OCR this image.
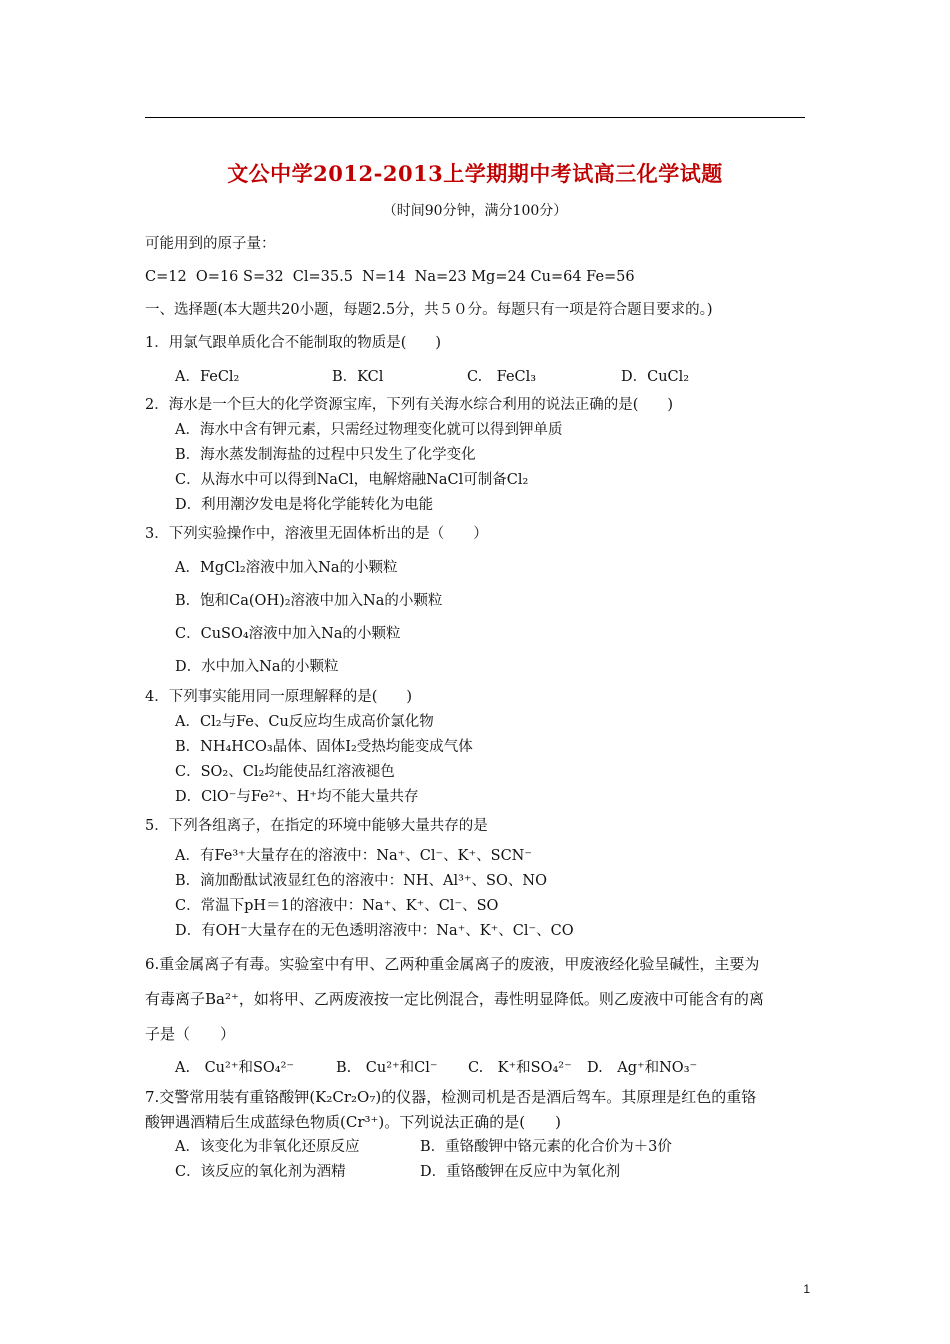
文公中学2012-2013上学期期中考试高三化学试题
（时间90分钟，满分100分）
可能用到的原子量：
C=12  O=16 S=32  Cl=35.5  N=14  Na=23 Mg=24 Cu=64 Fe=56
一、选择题(本大题共20小题，每题2.5分，共５０分。每题只有一项是符合题目要求的。)
1．用氯气跟单质化合不能制取的物质是(　　)
A．FeCl₂	B．KCl	C.　FeCl₃	D．CuCl₂
2．海水是一个巨大的化学资源宝库，下列有关海水综合利用的说法正确的是(　　)
A．海水中含有钾元素，只需经过物理变化就可以得到钾单质
B．海水蒸发制海盐的过程中只发生了化学变化
C．从海水中可以得到NaCl，电解熔融NaCl可制备Cl₂
D．利用潮汐发电是将化学能转化为电能
3．下列实验操作中，溶液里无固体析出的是（　　）
A．MgCl₂溶液中加入Na的小颗粒
B．饱和Ca(OH)₂溶液中加入Na的小颗粒
C．CuSO₄溶液中加入Na的小颗粒
D．水中加入Na的小颗粒
4．下列事实能用同一原理解释的是(　　)
A．Cl₂与Fe、Cu反应均生成高价氯化物
B．NH₄HCO₃晶体、固体I₂受热均能变成气体
C．SO₂、Cl₂均能使品红溶液褪色
D．ClO⁻与Fe²⁺、H⁺均不能大量共存
5．下列各组离子，在指定的环境中能够大量共存的是
A．有Fe³⁺大量存在的溶液中：Na⁺、Cl⁻、K⁺、SCN⁻
B．滴加酚酞试液显红色的溶液中：NH、Al³⁺、SO、NO
C．常温下pH＝1的溶液中：Na⁺、K⁺、Cl⁻、SO
D．有OH⁻大量存在的无色透明溶液中：Na⁺、K⁺、Cl⁻、CO
6.重金属离子有毒。实验室中有甲、乙两种重金属离子的废液，甲废液经化验呈碱性，主要为
有毒离子Ba²⁺，如将甲、乙两废液按一定比例混合，毒性明显降低。则乙废液中可能含有的离
子是（　　）
A.　Cu²⁺和SO₄²⁻	B.　Cu²⁺和Cl⁻ C.　K⁺和SO₄²⁻ D.　Ag⁺和NO₃⁻
7.交警常用装有重铬酸钾(K₂Cr₂O₇)的仪器，检测司机是否是酒后驾车。其原理是红色的重铬
酸钾遇酒精后生成蓝绿色物质(Cr³⁺)。下列说法正确的是(　　)
A．该变化为非氧化还原反应	B．重铬酸钾中铬元素的化合价为＋3价
C．该反应的氧化剂为酒精	D．重铬酸钾在反应中为氧化剂
1
